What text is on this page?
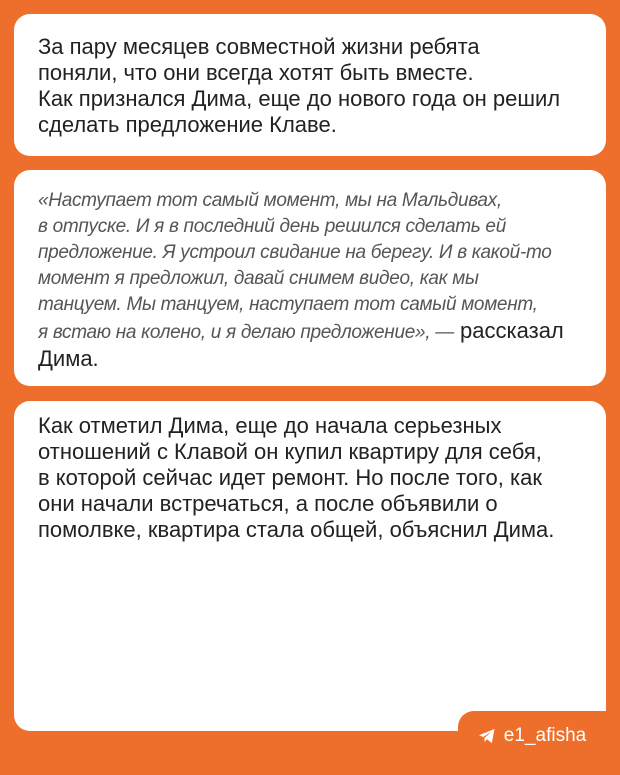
За пару месяцев совместной жизни ребята
поняли, что они всегда хотят быть вместе.
Как признался Дима, еще до нового года он решил
сделать предложение Клаве.

«Наступает тот самый момент, мы на Мальдивах,
в отпуске. И я в последний день решился сделать ей
предложение. Я устроил свидание на берегу. И в какой-то
момент я предложил, давай снимем видео, как мы
танцуем. Мы танцуем, наступает тот самый момент,
я встаю на колено, и я делаю предложение», — рассказал
Дима.

Как отметил Дима, еще до начала серьезных
отношений с Клавой он купил квартиру для себя,
в которой сейчас идет ремонт. Но после того, как
они начали встречаться, а после объявили о
помолвке, квартира стала общей, объяснил Дима.

e1_afisha
